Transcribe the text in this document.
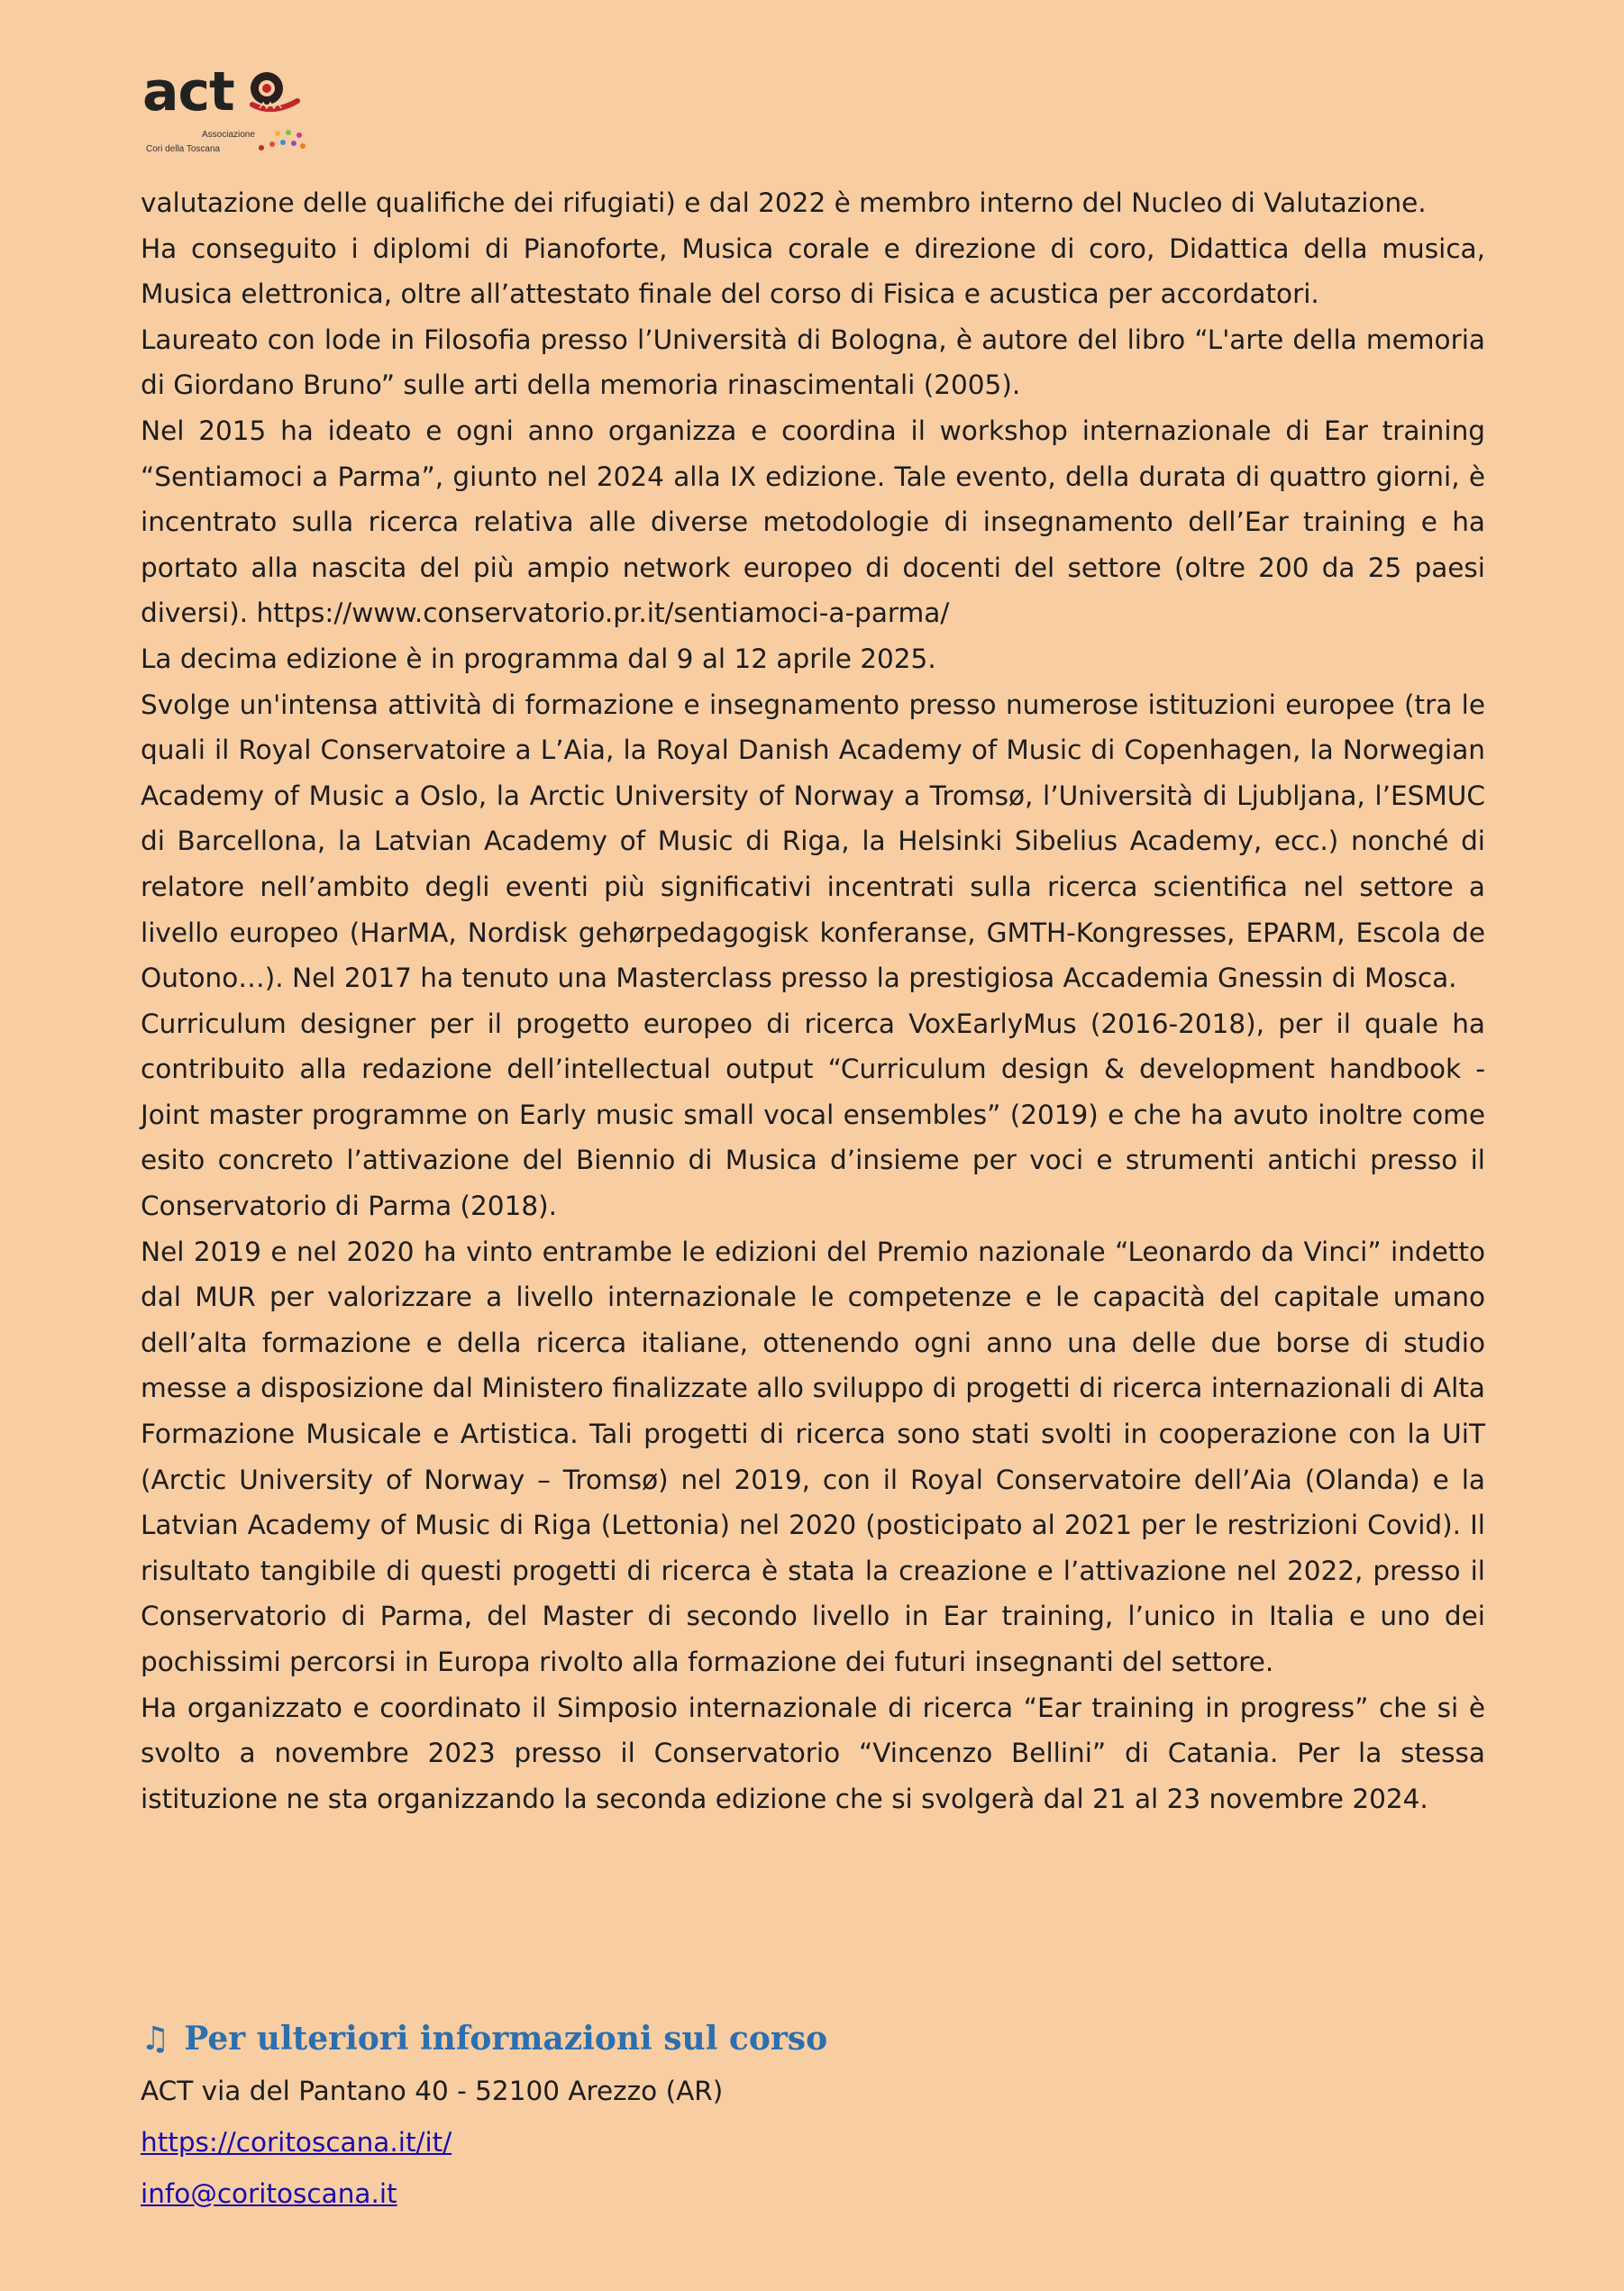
act
Associazione
Cori della Toscana

valutazione delle qualifiche dei rifugiati) e dal 2022 è membro interno del Nucleo di Valutazione.

Ha conseguito i diplomi di Pianoforte, Musica corale e direzione di coro, Didattica della musica, Musica elettronica, oltre all’attestato finale del corso di Fisica e acustica per accordatori.

Laureato con lode in Filosofia presso l’Università di Bologna, è autore del libro “L'arte della memoria di Giordano Bruno” sulle arti della memoria rinascimentali (2005).

Nel 2015 ha ideato e ogni anno organizza e coordina il workshop internazionale di Ear training “Sentiamoci a Parma”, giunto nel 2024 alla IX edizione. Tale evento, della durata di quattro giorni, è incentrato sulla ricerca relativa alle diverse metodologie di insegnamento dell’Ear training e ha portato alla nascita del più ampio network europeo di docenti del settore (oltre 200 da 25 paesi diversi). https://www.conservatorio.pr.it/sentiamoci-a-parma/

La decima edizione è in programma dal 9 al 12 aprile 2025.

Svolge un'intensa attività di formazione e insegnamento presso numerose istituzioni europee (tra le quali il Royal Conservatoire a L’Aia, la Royal Danish Academy of Music di Copenhagen, la Norwegian Academy of Music a Oslo, la Arctic University of Norway a Tromsø, l’Università di Ljubljana, l’ESMUC di Barcellona, la Latvian Academy of Music di Riga, la Helsinki Sibelius Academy, ecc.) nonché di relatore nell’ambito degli eventi più significativi incentrati sulla ricerca scientifica nel settore a livello europeo (HarMA, Nordisk gehørpedagogisk konferanse, GMTH-Kongresses, EPARM, Escola de Outono…). Nel 2017 ha tenuto una Masterclass presso la prestigiosa Accademia Gnessin di Mosca.

Curriculum designer per il progetto europeo di ricerca VoxEarlyMus (2016-2018), per il quale ha contribuito alla redazione dell’intellectual output “Curriculum design & development handbook - Joint master programme on Early music small vocal ensembles” (2019) e che ha avuto inoltre come esito concreto l’attivazione del Biennio di Musica d’insieme per voci e strumenti antichi presso il Conservatorio di Parma (2018).

Nel 2019 e nel 2020 ha vinto entrambe le edizioni del Premio nazionale “Leonardo da Vinci” indetto dal MUR per valorizzare a livello internazionale le competenze e le capacità del capitale umano dell’alta formazione e della ricerca italiane, ottenendo ogni anno una delle due borse di studio messe a disposizione dal Ministero finalizzate allo sviluppo di progetti di ricerca internazionali di Alta Formazione Musicale e Artistica. Tali progetti di ricerca sono stati svolti in cooperazione con la UiT (Arctic University of Norway – Tromsø) nel 2019, con il Royal Conservatoire dell’Aia (Olanda) e la Latvian Academy of Music di Riga (Lettonia) nel 2020 (posticipato al 2021 per le restrizioni Covid). Il risultato tangibile di questi progetti di ricerca è stata la creazione e l’attivazione nel 2022, presso il Conservatorio di Parma, del Master di secondo livello in Ear training, l’unico in Italia e uno dei pochissimi percorsi in Europa rivolto alla formazione dei futuri insegnanti del settore.

Ha organizzato e coordinato il Simposio internazionale di ricerca “Ear training in progress” che si è svolto a novembre 2023 presso il Conservatorio “Vincenzo Bellini” di Catania. Per la stessa istituzione ne sta organizzando la seconda edizione che si svolgerà dal 21 al 23 novembre 2024.

♫ Per ulteriori informazioni sul corso
ACT via del Pantano 40 - 52100 Arezzo (AR)
https://coritoscana.it/it/
info@coritoscana.it
